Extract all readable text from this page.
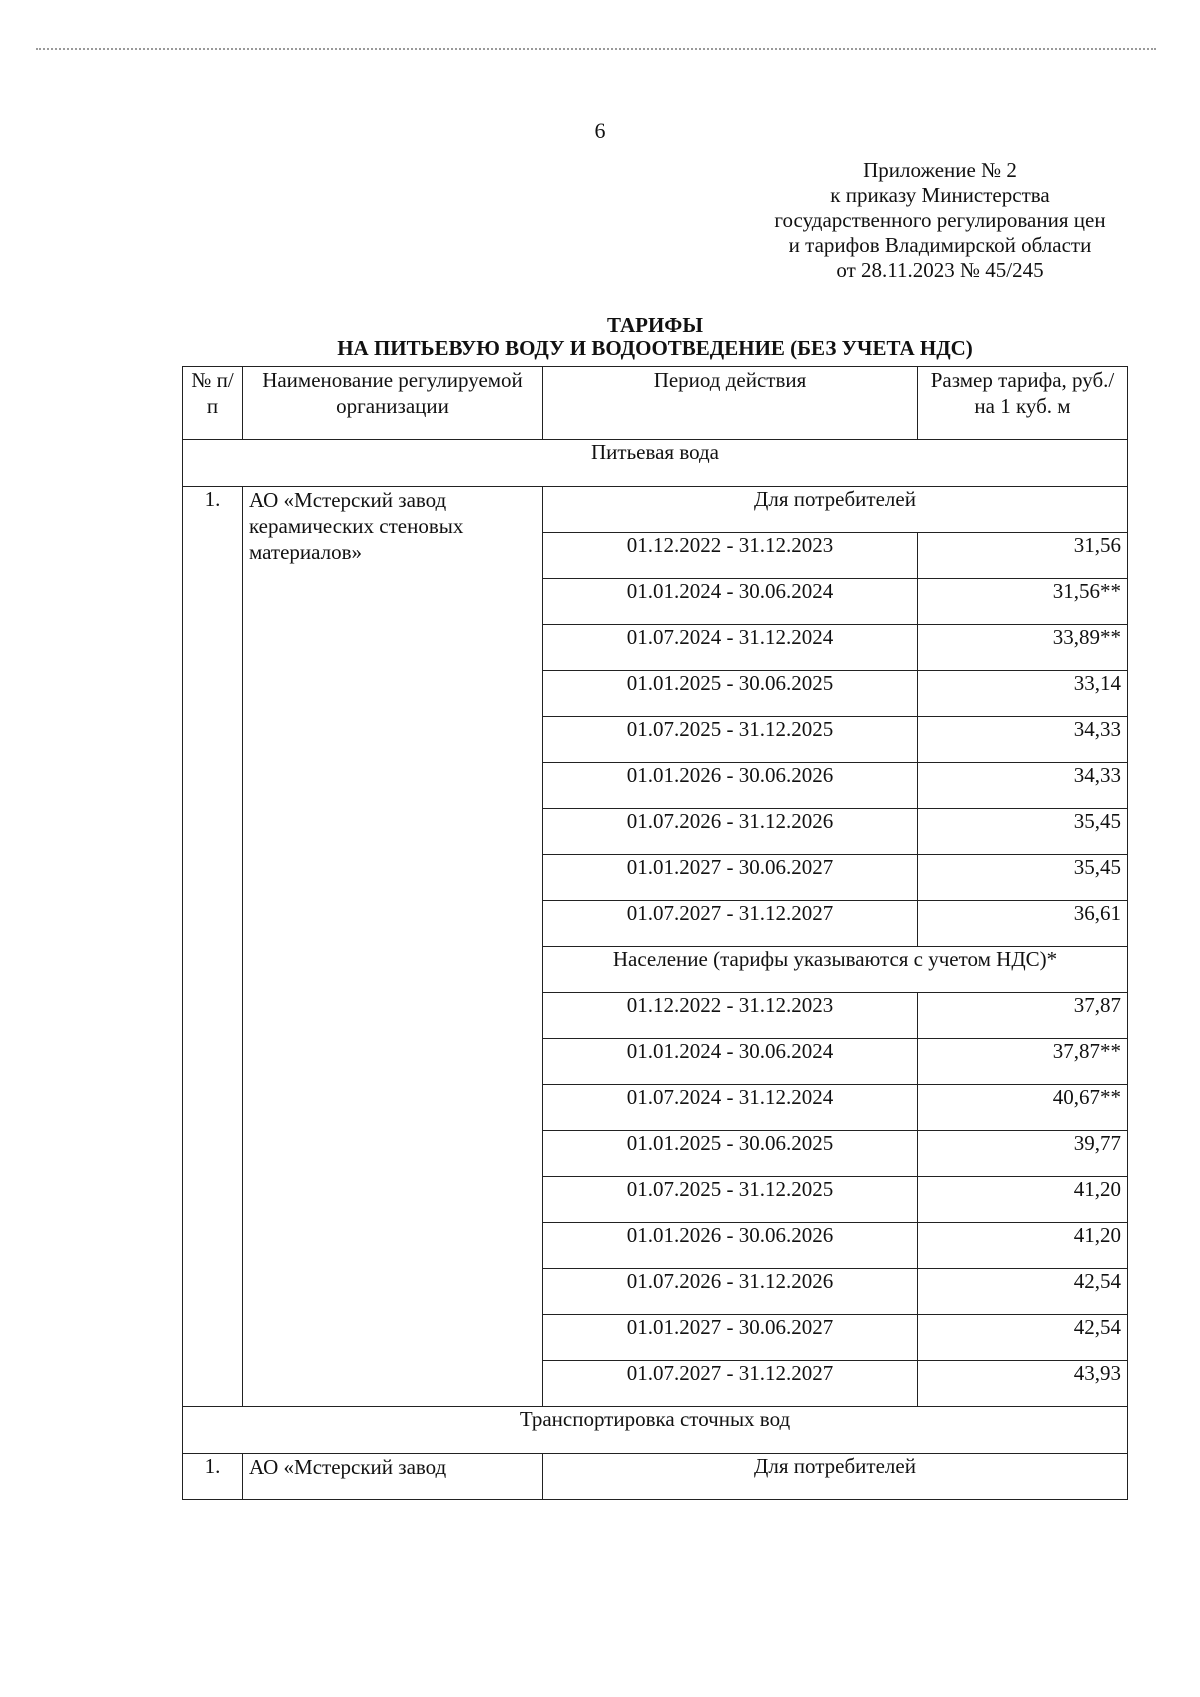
6
Приложение № 2
к приказу Министерства
государственного регулирования цен
и тарифов Владимирской области
от 28.11.2023 № 45/245
ТАРИФЫ
НА ПИТЬЕВУЮ ВОДУ И ВОДООТВЕДЕНИЕ (БЕЗ УЧЕТА НДС)
№ п/п	Наименование регулируемой организации	Период действия	Размер тарифа, руб./на 1 куб. м
Питьевая вода			
1.	АО «Мстерский завод керамических стеновых материалов»	Для потребителей	
		01.12.2022 - 31.12.2023	31,56
		01.01.2024 - 30.06.2024	31,56**
		01.07.2024 - 31.12.2024	33,89**
		01.01.2025 - 30.06.2025	33,14
		01.07.2025 - 31.12.2025	34,33
		01.01.2026 - 30.06.2026	34,33
		01.07.2026 - 31.12.2026	35,45
		01.01.2027 - 30.06.2027	35,45
		01.07.2027 - 31.12.2027	36,61
		Население (тарифы указываются с учетом НДС)*	
		01.12.2022 - 31.12.2023	37,87
		01.01.2024 - 30.06.2024	37,87**
		01.07.2024 - 31.12.2024	40,67**
		01.01.2025 - 30.06.2025	39,77
		01.07.2025 - 31.12.2025	41,20
		01.01.2026 - 30.06.2026	41,20
		01.07.2026 - 31.12.2026	42,54
		01.01.2027 - 30.06.2027	42,54
		01.07.2027 - 31.12.2027	43,93
Транспортировка сточных вод			
1.	АО «Мстерский завод	Для потребителей	
